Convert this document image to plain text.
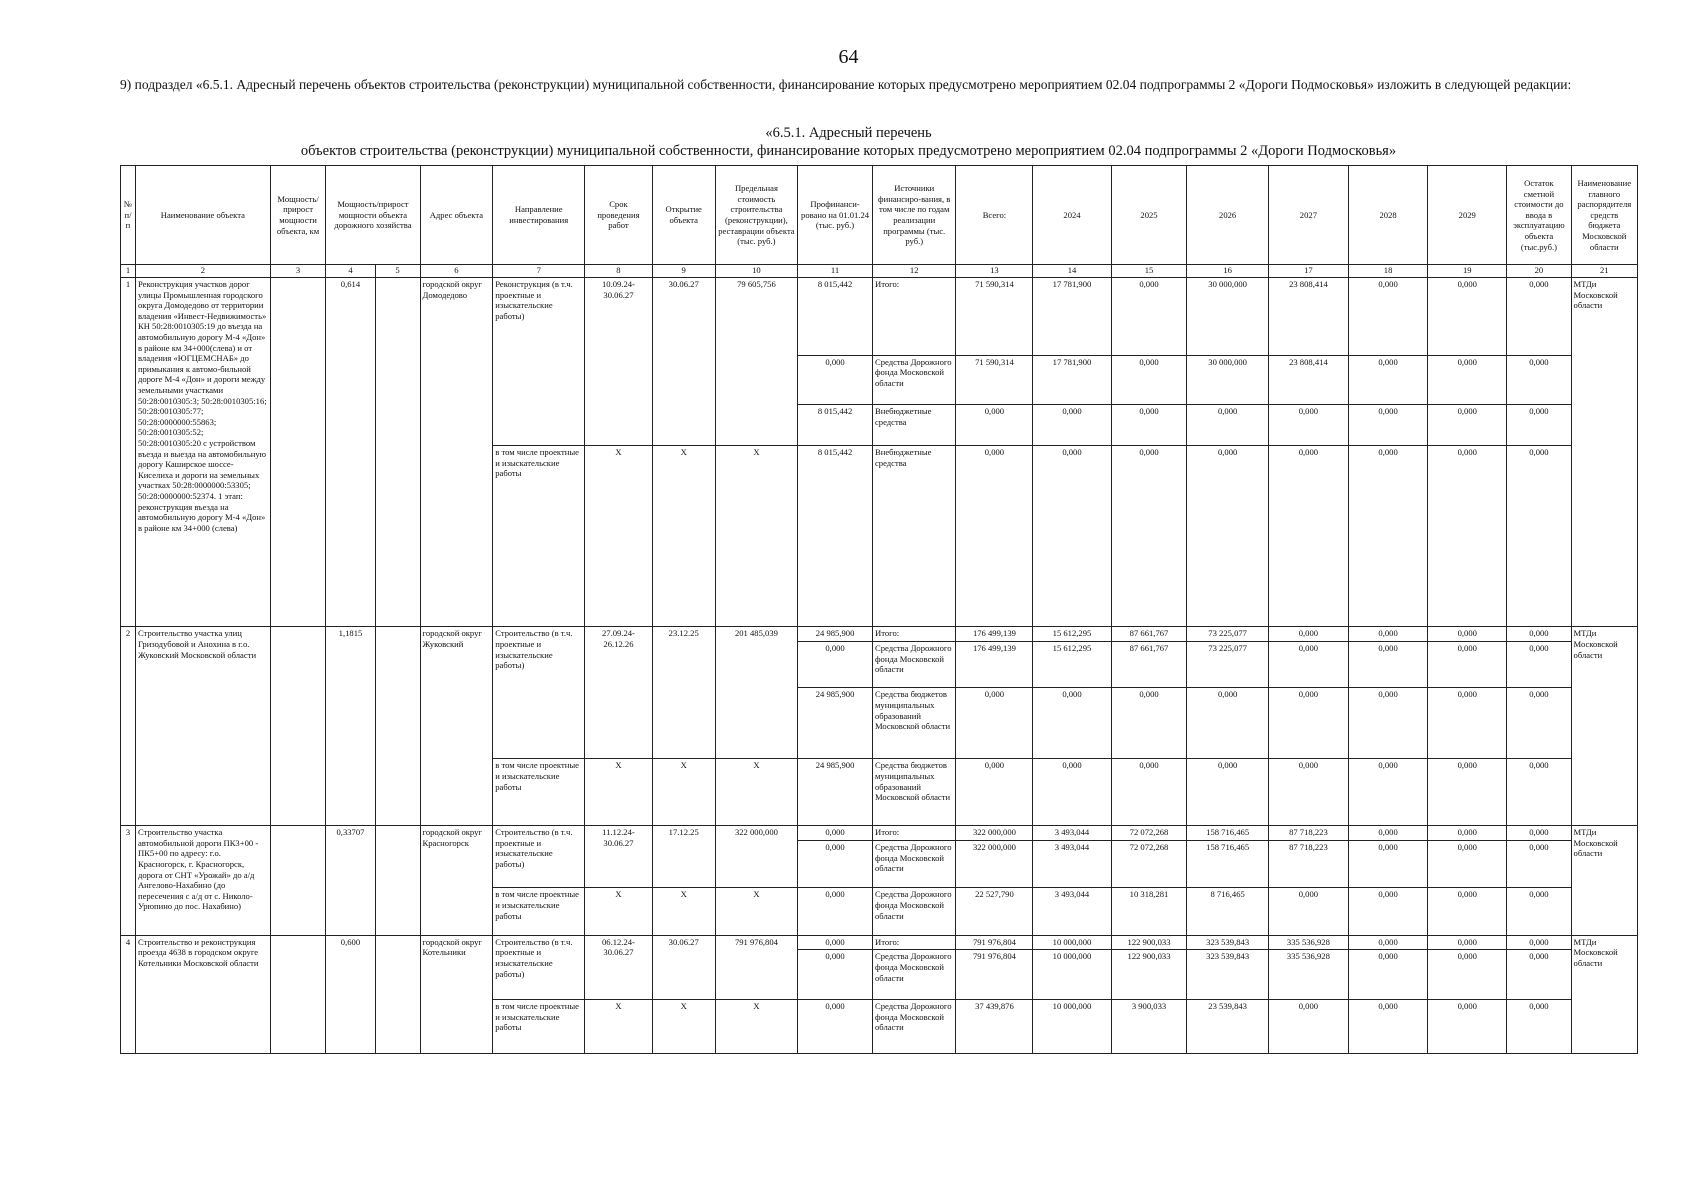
64
9) подраздел «6.5.1. Адресный перечень объектов строительства (реконструкции) муниципальной собственности, финансирование которых предусмотрено мероприятием 02.04 подпрограммы 2 «Дороги Подмосковья» изложить в следующей редакции:
«6.5.1. Адресный перечень
объектов строительства (реконструкции) муниципальной собственности, финансирование которых предусмотрено мероприятием 02.04 подпрограммы 2 «Дороги Подмосковья»
№ п/п	Наименование объекта	Мощность/ прирост мощности объекта, км	Мощность/прирост мощности объекта дорожного хозяйства		Адрес объекта	Направление инвестирования	Срок проведения работ	Открытие объекта	Предельная стоимость строительства (реконструкции), реставрации объекта (тыс. руб.)	Профинанси-ровано на 01.01.24 (тыс. руб.)	Источники финансиро-вания, в том числе по годам реализации программы (тыс. руб.)	Всего:	2024	2025	2026	2027	2028	2029	Остаток сметной стоимости до ввода в эксплуатацию объекта (тыс.руб.)	Наименование главного распорядителя средств бюджета Московской области
1	2	3	4	5	6	7	8	9	10	11	12	13	14	15	16	17	18	19	20	21
1	Реконструкция участков дорог улицы Промышленная городского округа Домодедово от территории владения «Инвест-Недвижимость» КН 50:28:0010305:19 до въезда на автомобильную дорогу М-4 «Дон» в районе км 34+000(слева) и от владения «ЮГЦЕМСНАБ» до примыкания к автомо-бильной дороге М-4 «Дон» и дороги между земельными участками 50:28:0010305:3; 50:28:0010305:16; 50:28:0010305:77; 50:28:0000000:55863; 50:28:0010305:52; 50:28:0010305:20 с устройством въезда и выезда на автомобильную дорогу Каширское шоссе-Киселиха и дороги на земельных участках 50:28:0000000:53305; 50:28:0000000:52374. 1 этап: реконструкция въезда на автомобильную дорогу М-4 «Дон» в районе км 34+000 (слева)		0,614		городской округ Домодедово	Реконструкция (в т.ч. проектные и изыскательские работы)	10.09.24-30.06.27	30.06.27	79 605,756	8 015,442	Итого:	71 590,314	17 781,900	0,000	30 000,000	23 808,414	0,000	0,000	0,000	МТДи Московской области
										0,000	Средства Дорожного фонда Московской области	71 590,314	17 781,900	0,000	30 000,000	23 808,414	0,000	0,000	0,000	
										8 015,442	Внебюджетные средства	0,000	0,000	0,000	0,000	0,000	0,000	0,000	0,000	
						в том числе проектные и изыскательские работы	X	X	X	8 015,442	Внебюджетные средства	0,000	0,000	0,000	0,000	0,000	0,000	0,000	0,000	
2	Строительство участка улиц Гризодубовой и Анохина в г.о. Жуковский Московской области		1,1815		городской округ Жуковский	Строительство (в т.ч. проектные и изыскательские работы)	27.09.24-26.12.26	23.12.25	201 485,039	24 985,900	Итого:	176 499,139	15 612,295	87 661,767	73 225,077	0,000	0,000	0,000	0,000	МТДи Московской области
										0,000	Средства Дорожного фонда Московской области	176 499,139	15 612,295	87 661,767	73 225,077	0,000	0,000	0,000	0,000	
										24 985,900	Средства бюджетов муниципальных образований Московской области	0,000	0,000	0,000	0,000	0,000	0,000	0,000	0,000	
						в том числе проектные и изыскательские работы	X	X	X	24 985,900	Средства бюджетов муниципальных образований Московской области	0,000	0,000	0,000	0,000	0,000	0,000	0,000	0,000	
3	Строительство участка автомобильной дороги ПК3+00 - ПК5+00 по адресу: г.о. Красногорск, г. Красногорск, дорога от СНТ «Урожай» до а/д Ангелово-Нахабино (до пересечения с а/д от с. Николо-Урюпино до пос. Нахабино)		0,33707		городской округ Красногорск	Строительство (в т.ч. проектные и изыскательские работы)	11.12.24-30.06.27	17.12.25	322 000,000	0,000	Итого:	322 000,000	3 493,044	72 072,268	158 716,465	87 718,223	0,000	0,000	0,000	МТДи Московской области
										0,000	Средства Дорожного фонда Московской области	322 000,000	3 493,044	72 072,268	158 716,465	87 718,223	0,000	0,000	0,000	
						в том числе проектные и изыскательские работы	X	X	X	0,000	Средства Дорожного фонда Московской области	22 527,790	3 493,044	10 318,281	8 716,465	0,000	0,000	0,000	0,000	
4	Строительство и реконструкция проезда 4638 в городском округе Котельники Московской области		0,600		городской округ Котельники	Строительство (в т.ч. проектные и изыскательские работы)	06.12.24-30.06.27	30.06.27	791 976,804	0,000	Итого:	791 976,804	10 000,000	122 900,033	323 539,843	335 536,928	0,000	0,000	0,000	МТДи Московской области
										0,000	Средства Дорожного фонда Московской области	791 976,804	10 000,000	122 900,033	323 539,843	335 536,928	0,000	0,000	0,000	
						в том числе проектные и изыскательские работы	X	X	X	0,000	Средства Дорожного фонда Московской области	37 439,876	10 000,000	3 900,033	23 539,843	0,000	0,000	0,000	0,000	
